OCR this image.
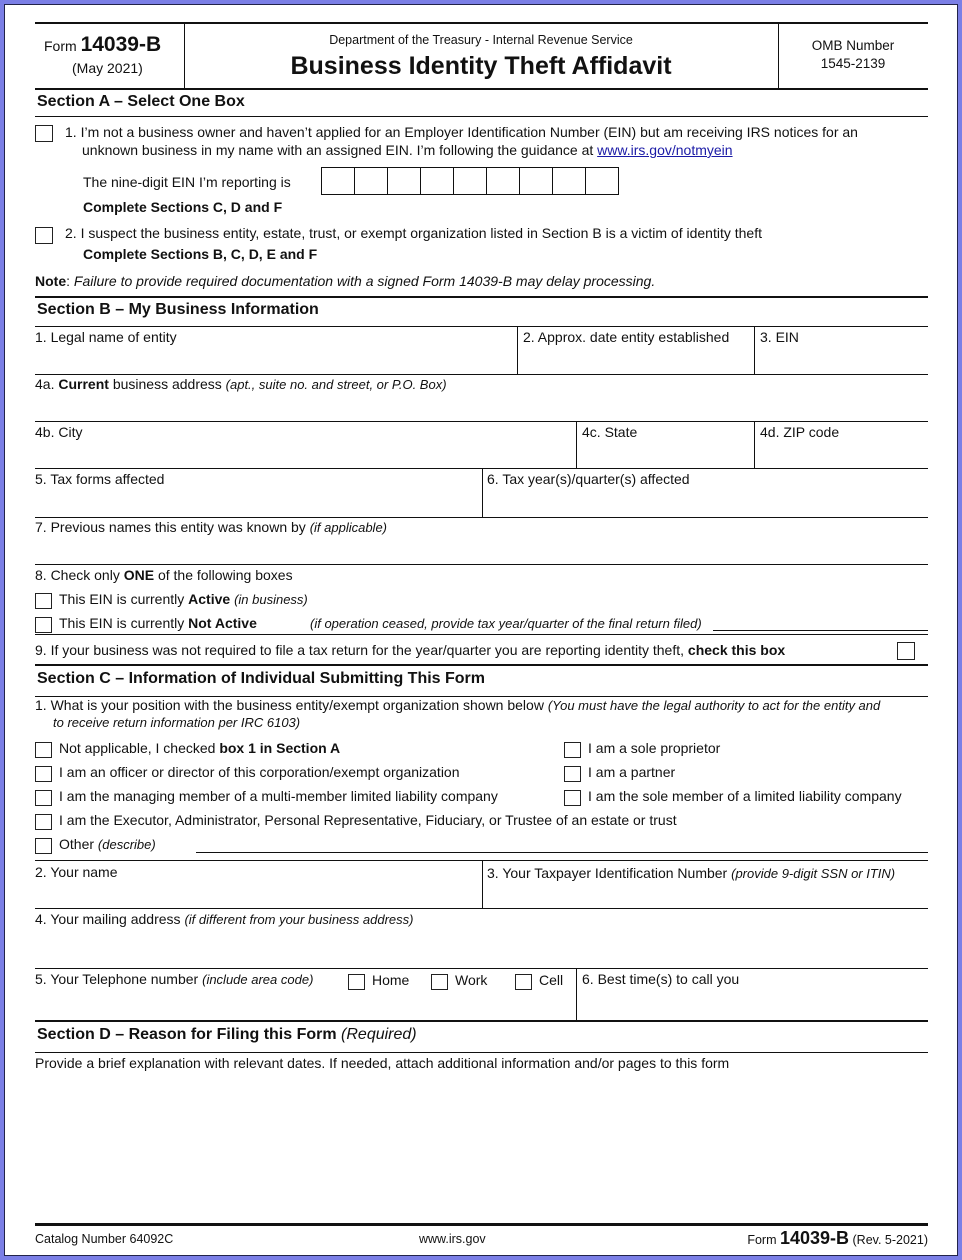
Form 14039-B
(May 2021)
Department of the Treasury - Internal Revenue Service
Business Identity Theft Affidavit
OMB Number
1545-2139
Section A – Select One Box
1. I’m not a business owner and haven’t applied for an Employer Identification Number (EIN) but am receiving IRS notices for an
unknown business in my name with an assigned EIN. I’m following the guidance at www.irs.gov/notmyein
The nine-digit EIN I’m reporting is
Complete Sections C, D and F
2. I suspect the business entity, estate, trust, or exempt organization listed in Section B is a victim of identity theft
Complete Sections B, C, D, E and F
Note: Failure to provide required documentation with a signed Form 14039-B may delay processing.
Section B – My Business Information
1. Legal name of entity	2. Approx. date entity established 3. EIN
4a. Current business address (apt., suite no. and street, or P.O. Box)
4b. City	4c. State	4d. ZIP code
5. Tax forms affected	6. Tax year(s)/quarter(s) affected
7. Previous names this entity was known by (if applicable)
8. Check only ONE of the following boxes
This EIN is currently Active (in business)
This EIN is currently Not Active	(if operation ceased, provide tax year/quarter of the final return filed)
9. If your business was not required to file a tax return for the year/quarter you are reporting identity theft, check this box
Section C – Information of Individual Submitting This Form
1. What is your position with the business entity/exempt organization shown below (You must have the legal authority to act for the entity and
to receive return information per IRC 6103)
Not applicable, I checked box 1 in Section A
I am an officer or director of this corporation/exempt organization
I am the managing member of a multi-member limited liability company
I am the Executor, Administrator, Personal Representative, Fiduciary, or Trustee of an estate or trust
Other (describe)
I am a sole proprietor
I am a partner
I am the sole member of a limited liability company
2. Your name	3. Your Taxpayer Identification Number (provide 9-digit SSN or ITIN)
4. Your mailing address (if different from your business address)
5. Your Telephone number (include area code)	Home	Work	Cell 6. Best time(s) to call you
Section D – Reason for Filing this Form (Required)
Provide a brief explanation with relevant dates. If needed, attach additional information and/or pages to this form
Catalog Number 64092C	www.irs.gov	Form 14039-B (Rev. 5-2021)
